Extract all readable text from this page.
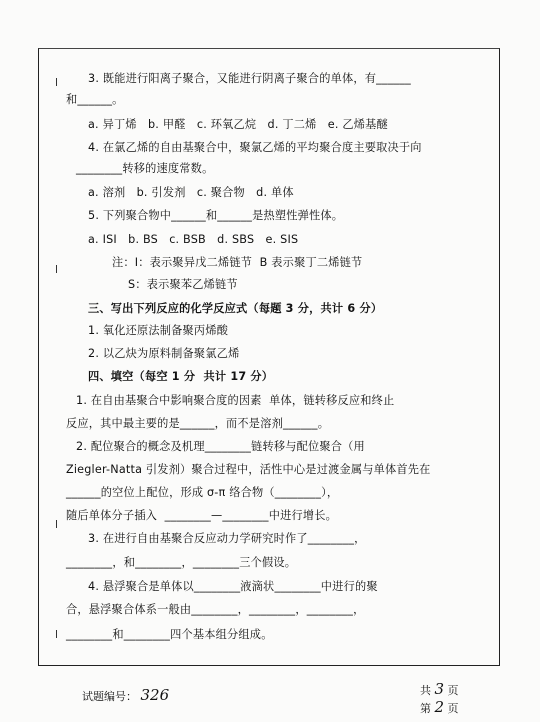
3. 既能进行阳离子聚合，又能进行阴离子聚合的单体，有______
和______。
a. 异丁烯   b. 甲醛   c. 环氧乙烷   d. 丁二烯   e. 乙烯基醚
4. 在氯乙烯的自由基聚合中，聚氯乙烯的平均聚合度主要取决于向
________转移的速度常数。
a. 溶剂   b. 引发剂   c. 聚合物   d. 单体
5. 下列聚合物中______和______是热塑性弹性体。
a. ISI   b. BS   c. BSB   d. SBS   e. SIS
注：I：表示聚异戊二烯链节  B 表示聚丁二烯链节
S：表示聚苯乙烯链节
三、写出下列反应的化学反应式（每题 3 分，共计 6 分）
1. 氧化还原法制备聚丙烯酸
2. 以乙炔为原料制备聚氯乙烯
四、填空（每空 1 分  共计 17 分）
1. 在自由基聚合中影响聚合度的因素  单体，链转移反应和终止
反应，其中最主要的是______，而不是溶剂______。
2. 配位聚合的概念及机理________链转移与配位聚合（用
Ziegler-Natta 引发剂）聚合过程中，活性中心是过渡金属与单体首先在
______的空位上配位，形成 σ-π 络合物（________），
随后单体分子插入  ________—________中进行增长。
3. 在进行自由基聚合反应动力学研究时作了________，
________，和________，________三个假设。
4. 悬浮聚合是单体以________液滴状________中进行的聚
合，悬浮聚合体系一般由________，________，________，
________和________四个基本组分组成。
试题编号： 326	共 3 页
第 2 页
